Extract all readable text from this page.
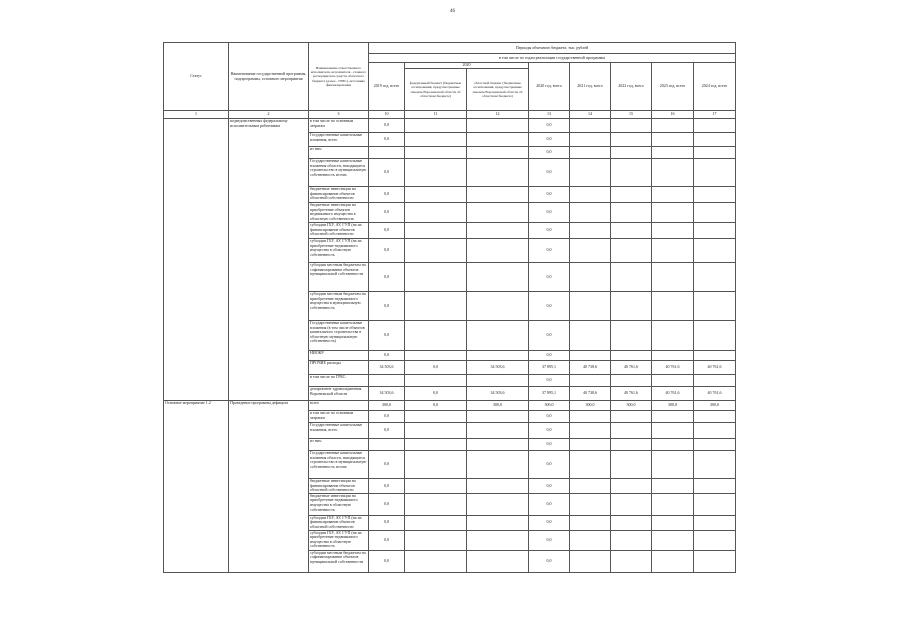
46
Статус	Наименование государственной программы, подпрограммы, основного мероприятия	Наименование ответственного исполнителя, исполнителя - главного распорядителя средств областного бюджета (далее - ГРБС), источника финансирования	Периоды объемного бюджета, тыс. рублей							
			в том числе по годам реализации государственной программы							
			2019 год, всего	2020		2020 год, всего	2021 год, всего	2022 год, всего	2023 год, всего	2024 год, всего
				федеральный бюджет (бюджетные ассигнования, предусмотренные законом Воронежской области об областном бюджете)	областной бюджет (бюджетные ассигнования, предусмотренные законом Воронежской области об областном бюджете)					
1	2	3	10	11	12	13	14	15	16	17
	подведомственных федеральному исполнительным работникам	в том числе по основным затратам	0,0			0,0				
		Государственные капитальные вложения, всего	0,0			0,0				
		из них:				0,0				
		Государственные капитальные вложения области, находящиеся строительство в муниципальную собственность из них	0,0			0,0				
		бюджетные инвестиции на финансирование объектов областной собственности	0,0			0,0				
		бюджетные инвестиции на приобретение объектов недвижимого имущества в областную собственность	0,0			0,0				
		субсидии ГБУ, АУ, ГУП (на их финансирование объектов областной собственности	0,0			0,0				
		субсидии ГБУ, АУ, ГУП (на их приобретение недвижимого имущества в областную собственность	0,0			0,0				
		субсидии местным бюджетам на софинансирование объектов муниципальной собственности	0,0			0,0				
		субсидии местным бюджетам на приобретение недвижимого имущества в муниципальную собственность	0,0			0,0				
		Государственные капитальные вложения (в том числе объектов капитального строительства в областную муниципальную собственность)	0,0			0,0				
		НИОКР	0,0			0,0				
		ПРОЧИЕ расходы	34 503,6	0,0	34 503,6	37 895,1	40 738,6	40 761,6	40 761,6	40 761,6
		в том числе по ГРБС:				0,0				
		департамент здравоохранения Воронежской области	34 503,6	0,0	34 503,6	37 895,1	40 738,6	40 761,6	40 761,6	40 761,6
Основное мероприятие 1.2	Проведение программы дефицита	всего	300,0	0,0	300,0	300,0	300,0	300,0	300,0	300,0
		в том числе по основным затратам	0,0			0,0				
		Государственные капитальные вложения, всего	0,0			0,0				
		из них:				0,0				
		Государственные капитальные вложения области, находящиеся строительство в муниципальную собственность из них	0,0			0,0				
		бюджетные инвестиции на финансирование объектов областной собственности	0,0			0,0				
		бюджетные инвестиции на приобретение недвижимого имущества в областную собственность	0,0			0,0				
		субсидии ГБУ, АУ, ГУП (на их финансирование объектов областной собственности	0,0			0,0				
		субсидии ГБУ, АУ, ГУП (на их приобретение недвижимого имущества в областную собственность	0,0			0,0				
		субсидии местным бюджетам на софинансирование объектов муниципальной собственности	0,0			0,0				
